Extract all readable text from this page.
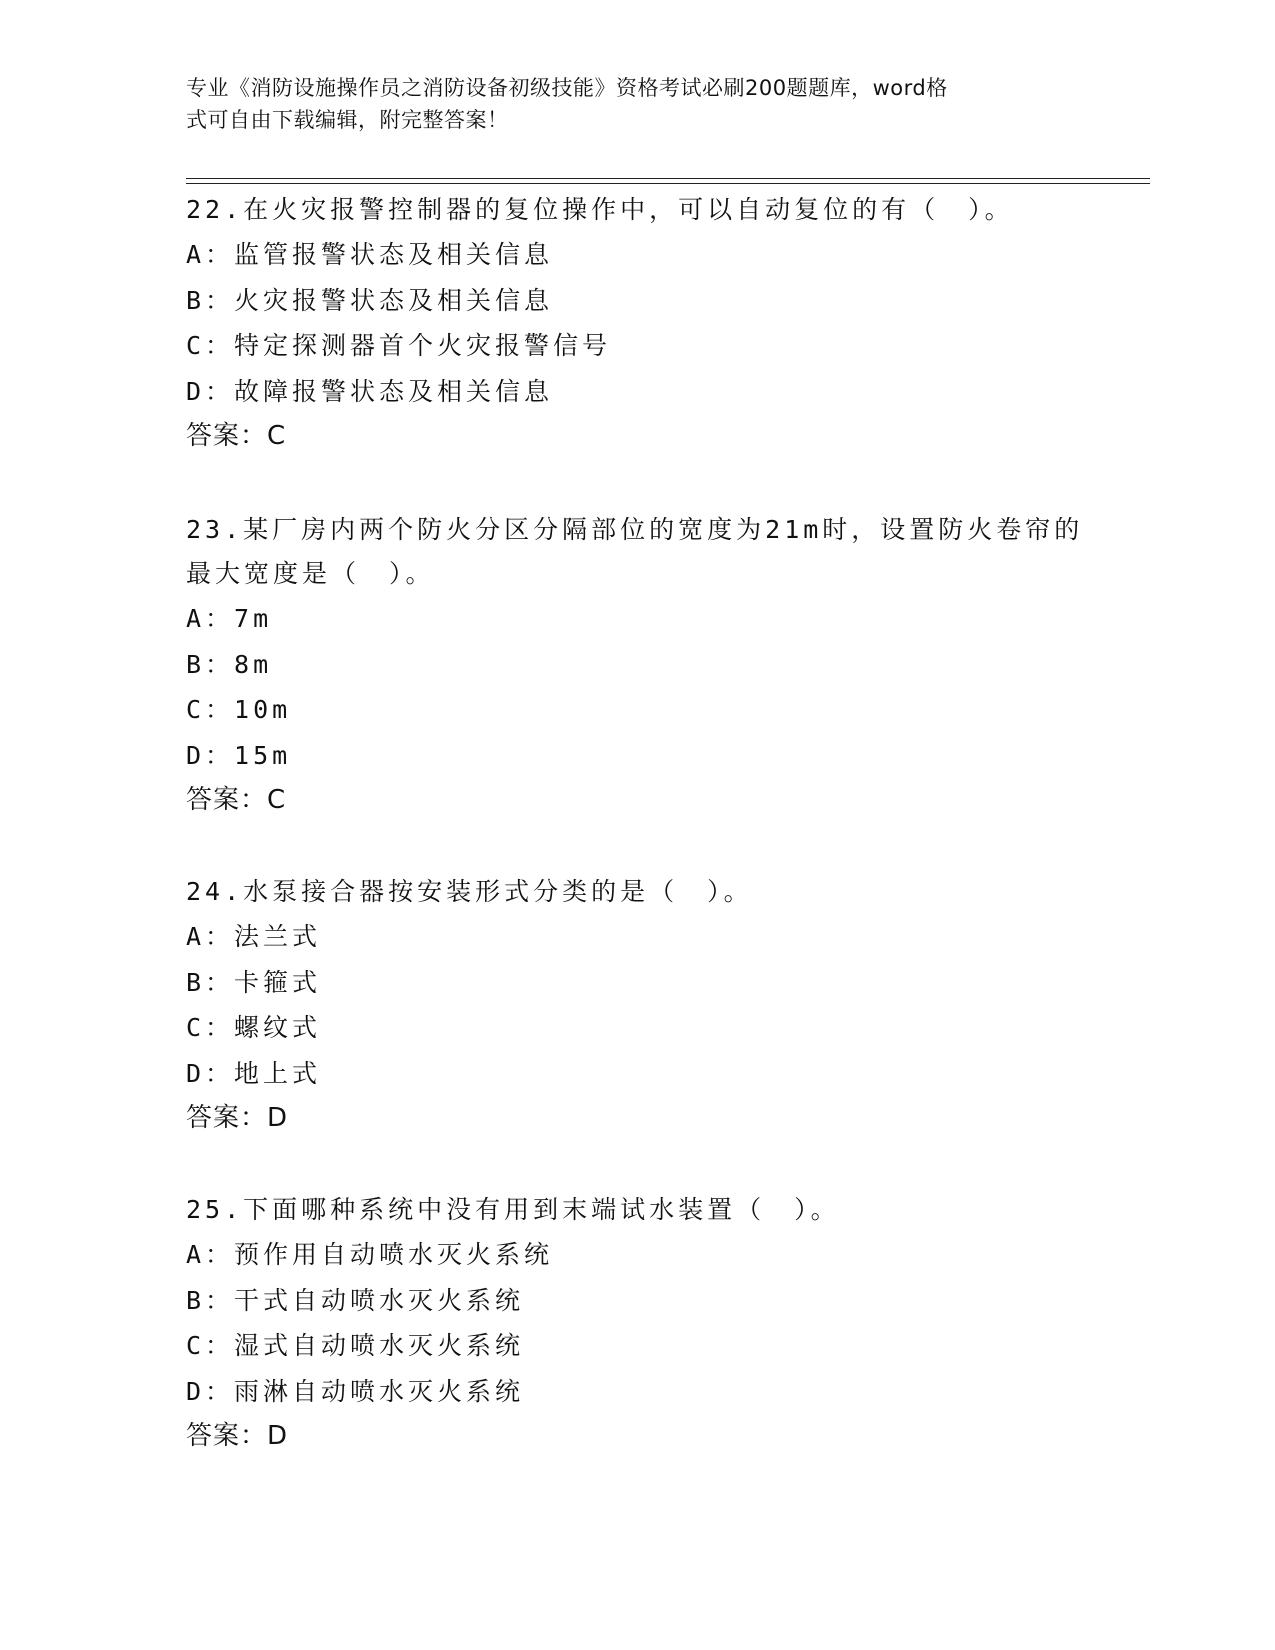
专业《消防设施操作员之消防设备初级技能》资格考试必刷200题题库，word格
式可自由下载编辑，附完整答案！

22.在火灾报警控制器的复位操作中，可以自动复位的有（　）。

A：监管报警状态及相关信息

B：火灾报警状态及相关信息

C：特定探测器首个火灾报警信号

D：故障报警状态及相关信息

答案：C

23.某厂房内两个防火分区分隔部位的宽度为21m时，设置防火卷帘的

最大宽度是（　）。

A：7m

B：8m

C：10m

D：15m

答案：C

24.水泵接合器按安装形式分类的是（　）。

A：法兰式

B：卡箍式

C：螺纹式

D：地上式

答案：D

25.下面哪种系统中没有用到末端试水装置（　）。

A：预作用自动喷水灭火系统

B：干式自动喷水灭火系统

C：湿式自动喷水灭火系统

D：雨淋自动喷水灭火系统

答案：D
